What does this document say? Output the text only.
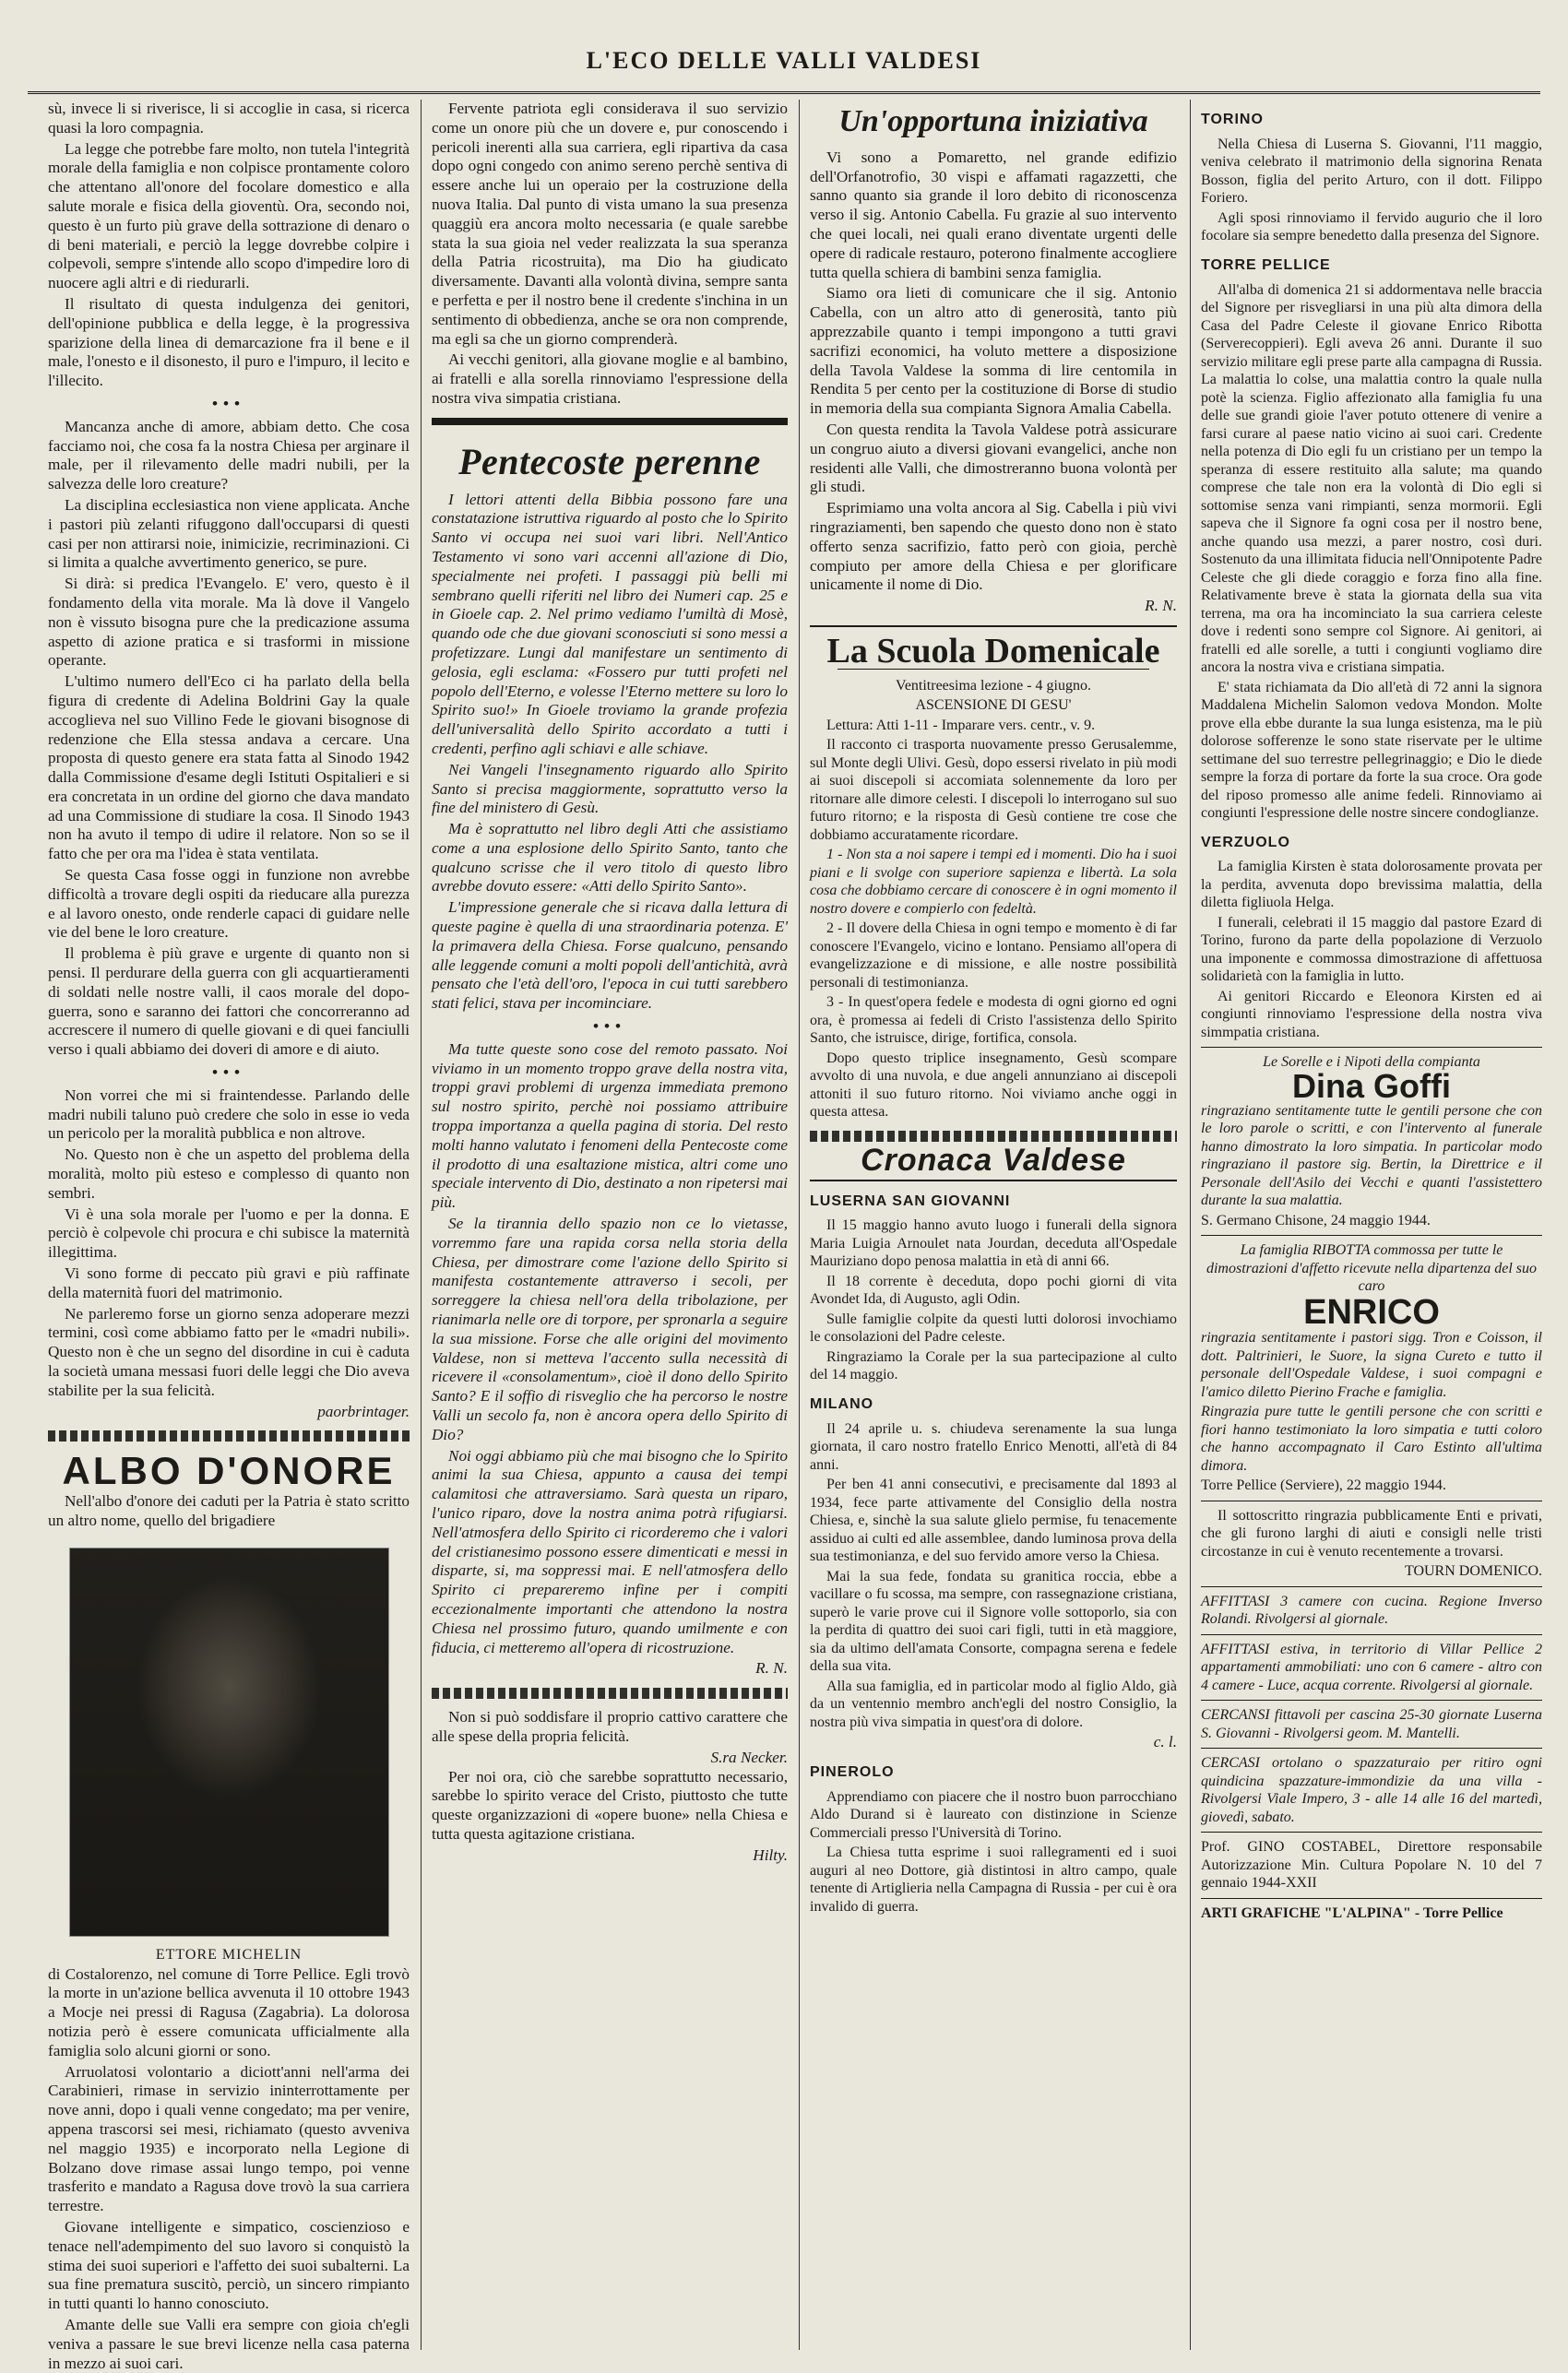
L'ECO DELLE VALLI VALDESI

sù, invece li si riverisce, li si accoglie in casa, si ricerca quasi la loro compagnia.

La legge che potrebbe fare molto, non tutela l'integrità morale della famiglia e non colpisce prontamente coloro che attentano all'onore del focolare domestico e alla salute morale e fisica della gioventù. Ora, secondo noi, questo è un furto più grave della sottrazione di denaro o di beni materiali, e perciò la legge dovrebbe colpire i colpevoli, sempre s'intende allo scopo d'impedire loro di nuocere agli altri e di riedurarli.

Il risultato di questa indulgenza dei genitori, dell'opinione pubblica e della legge, è la progressiva sparizione della linea di demarcazione fra il bene e il male, l'onesto e il disonesto, il puro e l'impuro, il lecito e l'illecito.

•••

Mancanza anche di amore, abbiam detto. Che cosa facciamo noi, che cosa fa la nostra Chiesa per arginare il male, per il rilevamento delle madri nubili, per la salvezza delle loro creature?

La disciplina ecclesiastica non viene applicata. Anche i pastori più zelanti rifuggono dall'occuparsi di questi casi per non attirarsi noie, inimicizie, recriminazioni. Ci si limita a qualche avvertimento generico, se pure.

Si dirà: si predica l'Evangelo. E' vero, questo è il fondamento della vita morale. Ma là dove il Vangelo non è vissuto bisogna pure che la predicazione assuma aspetto di azione pratica e si trasformi in missione operante.

L'ultimo numero dell'Eco ci ha parlato della bella figura di credente di Adelina Boldrini Gay la quale accoglieva nel suo Villino Fede le giovani bisognose di redenzione che Ella stessa andava a cercare. Una proposta di questo genere era stata fatta al Sinodo 1942 dalla Commissione d'esame degli Istituti Ospitalieri e si era concretata in un ordine del giorno che dava mandato ad una Commissione di studiare la cosa. Il Sinodo 1943 non ha avuto il tempo di udire il relatore. Non so se il fatto che per ora ma l'idea è stata ventilata.

Se questa Casa fosse oggi in funzione non avrebbe difficoltà a trovare degli ospiti da rieducare alla purezza e al lavoro onesto, onde renderle capaci di guidare nelle vie del bene le loro creature.

Il problema è più grave e urgente di quanto non si pensi. Il perdurare della guerra con gli acquartieramenti di soldati nelle nostre valli, il caos morale del dopo-guerra, sono e saranno dei fattori che concorreranno ad accrescere il numero di quelle giovani e di quei fanciulli verso i quali abbiamo dei doveri di amore e di aiuto.

•••

Non vorrei che mi si fraintendesse. Parlando delle madri nubili taluno può credere che solo in esse io veda un pericolo per la moralità pubblica e non altrove.

No. Questo non è che un aspetto del problema della moralità, molto più esteso e complesso di quanto non sembri.

Vi è una sola morale per l'uomo e per la donna. E perciò è colpevole chi procura e chi subisce la maternità illegittima.

Vi sono forme di peccato più gravi e più raffinate della maternità fuori del matrimonio.

Ne parleremo forse un giorno senza adoperare mezzi termini, così come abbiamo fatto per le «madri nubili». Questo non è che un segno del disordine in cui è caduta la società umana messasi fuori delle leggi che Dio aveva stabilite per la sua felicità.

paorbrintager.
ALBO D'ONORE

Nell'albo d'onore dei caduti per la Patria è stato scritto un altro nome, quello del brigadiere

ETTORE MICHELIN

di Costalorenzo, nel comune di Torre Pellice. Egli trovò la morte in un'azione bellica avvenuta il 10 ottobre 1943 a Mocje nei pressi di Ragusa (Zagabria). La dolorosa notizia però è essere comunicata ufficialmente alla famiglia solo alcuni giorni or sono.

Arruolatosi volontario a diciott'anni nell'arma dei Carabinieri, rimase in servizio ininterrottamente per nove anni, dopo i quali venne congedato; ma per venire, appena trascorsi sei mesi, richiamato (questo avveniva nel maggio 1935) e incorporato nella Legione di Bolzano dove rimase assai lungo tempo, poi venne trasferito e mandato a Ragusa dove trovò la sua carriera terrestre.

Giovane intelligente e simpatico, coscienzioso e tenace nell'adempimento del suo lavoro si conquistò la stima dei suoi superiori e l'affetto dei suoi subalterni. La sua fine prematura suscitò, perciò, un sincero rimpianto in tutti quanti lo hanno conosciuto.

Amante delle sue Valli era sempre con gioia ch'egli veniva a passare le sue brevi licenze nella casa paterna in mezzo ai suoi cari.

Fervente patriota egli considerava il suo servizio come un onore più che un dovere e, pur conoscendo i pericoli inerenti alla sua carriera, egli ripartiva da casa dopo ogni congedo con animo sereno perchè sentiva di essere anche lui un operaio per la costruzione della nuova Italia. Dal punto di vista umano la sua presenza quaggiù era ancora molto necessaria (e quale sarebbe stata la sua gioia nel veder realizzata la sua speranza della Patria ricostruita), ma Dio ha giudicato diversamente. Davanti alla volontà divina, sempre santa e perfetta e per il nostro bene il credente s'inchina in un sentimento di obbedienza, anche se ora non comprende, ma egli sa che un giorno comprenderà.

Ai vecchi genitori, alla giovane moglie e al bambino, ai fratelli e alla sorella rinnoviamo l'espressione della nostra viva simpatia cristiana.

Pentecoste perenne

I lettori attenti della Bibbia possono fare una constatazione istruttiva riguardo al posto che lo Spirito Santo vi occupa nei suoi vari libri. Nell'Antico Testamento vi sono vari accenni all'azione di Dio, specialmente nei profeti. I passaggi più belli mi sembrano quelli riferiti nel libro dei Numeri cap. 25 e in Gioele cap. 2. Nel primo vediamo l'umiltà di Mosè, quando ode che due giovani sconosciuti si sono messi a profetizzare. Lungi dal manifestare un sentimento di gelosia, egli esclama: «Fossero pur tutti profeti nel popolo dell'Eterno, e volesse l'Eterno mettere su loro lo Spirito suo!» In Gioele troviamo la grande profezia dell'universalità dello Spirito accordato a tutti i credenti, perfino agli schiavi e alle schiave.

Nei Vangeli l'insegnamento riguardo allo Spirito Santo si precisa maggiormente, soprattutto verso la fine del ministero di Gesù.

Ma è soprattutto nel libro degli Atti che assistiamo come a una esplosione dello Spirito Santo, tanto che qualcuno scrisse che il vero titolo di questo libro avrebbe dovuto essere: «Atti dello Spirito Santo».

L'impressione generale che si ricava dalla lettura di queste pagine è quella di una straordinaria potenza. E' la primavera della Chiesa. Forse qualcuno, pensando alle leggende comuni a molti popoli dell'antichità, avrà pensato che l'età dell'oro, l'epoca in cui tutti sarebbero stati felici, stava per incominciare.

•••

Ma tutte queste sono cose del remoto passato. Noi viviamo in un momento troppo grave della nostra vita, troppi gravi problemi di urgenza immediata premono sul nostro spirito, perchè noi possiamo attribuire troppa importanza a quella pagina di storia. Del resto molti hanno valutato i fenomeni della Pentecoste come il prodotto di una esaltazione mistica, altri come uno speciale intervento di Dio, destinato a non ripetersi mai più.

Se la tirannia dello spazio non ce lo vietasse, vorremmo fare una rapida corsa nella storia della Chiesa, per dimostrare come l'azione dello Spirito si manifesta costantemente attraverso i secoli, per sorreggere la chiesa nell'ora della tribolazione, per rianimarla nelle ore di torpore, per spronarla a seguire la sua missione. Forse che alle origini del movimento Valdese, non si metteva l'accento sulla necessità di ricevere il «consolamentum», cioè il dono dello Spirito Santo? E il soffio di risveglio che ha percorso le nostre Valli un secolo fa, non è ancora opera dello Spirito di Dio?

Noi oggi abbiamo più che mai bisogno che lo Spirito animi la sua Chiesa, appunto a causa dei tempi calamitosi che attraversiamo. Sarà questa un riparo, l'unico riparo, dove la nostra anima potrà rifugiarsi. Nell'atmosfera dello Spirito ci ricorderemo che i valori del cristianesimo possono essere dimenticati e messi in disparte, si, ma soppressi mai. E nell'atmosfera dello Spirito ci prepareremo infine per i compiti eccezionalmente importanti che attendono la nostra Chiesa nel prossimo futuro, quando umilmente e con fiducia, ci metteremo all'opera di ricostruzione.

R. N.

Non si può soddisfare il proprio cattivo carattere che alle spese della propria felicità.

S.ra Necker.

Per noi ora, ciò che sarebbe soprattutto necessario, sarebbe lo spirito verace del Cristo, piuttosto che tutte queste organizzazioni di «opere buone» nella Chiesa e tutta questa agitazione cristiana.

Hilty.
Un'opportuna iniziativa

Vi sono a Pomaretto, nel grande edifizio dell'Orfanotrofio, 30 vispi e affamati ragazzetti, che sanno quanto sia grande il loro debito di riconoscenza verso il sig. Antonio Cabella. Fu grazie al suo intervento che quei locali, nei quali erano diventate urgenti delle opere di radicale restauro, poterono finalmente accogliere tutta quella schiera di bambini senza famiglia.

Siamo ora lieti di comunicare che il sig. Antonio Cabella, con un altro atto di generosità, tanto più apprezzabile quanto i tempi impongono a tutti gravi sacrifizi economici, ha voluto mettere a disposizione della Tavola Valdese la somma di lire centomila in Rendita 5 per cento per la costituzione di Borse di studio in memoria della sua compianta Signora Amalia Cabella.

Con questa rendita la Tavola Valdese potrà assicurare un congruo aiuto a diversi giovani evangelici, anche non residenti alle Valli, che dimostreranno buona volontà per gli studi.

Esprimiamo una volta ancora al Sig. Cabella i più vivi ringraziamenti, ben sapendo che questo dono non è stato offerto senza sacrifizio, fatto però con gioia, perchè compiuto per amore della Chiesa e per glorificare unicamente il nome di Dio.

R. N.
La Scuola Domenicale

Ventitreesima lezione - 4 giugno.

ASCENSIONE DI GESU'

Lettura: Atti 1-11 - Imparare vers. centr., v. 9.

Il racconto ci trasporta nuovamente presso Gerusalemme, sul Monte degli Ulivi. Gesù, dopo essersi rivelato in più modi ai suoi discepoli si accomiata solennemente da loro per ritornare alle dimore celesti. I discepoli lo interrogano sul suo futuro ritorno; e la risposta di Gesù contiene tre cose che dobbiamo accuratamente ricordare.

1 - Non sta a noi sapere i tempi ed i momenti. Dio ha i suoi piani e li svolge con superiore sapienza e libertà. La sola cosa che dobbiamo cercare di conoscere è in ogni momento il nostro dovere e compierlo con fedeltà.

2 - Il dovere della Chiesa in ogni tempo e momento è di far conoscere l'Evangelo, vicino e lontano. Pensiamo all'opera di evangelizzazione e di missione, e alle nostre possibilità personali di testimonianza.

3 - In quest'opera fedele e modesta di ogni giorno ed ogni ora, è promessa ai fedeli di Cristo l'assistenza dello Spirito Santo, che istruisce, dirige, fortifica, consola.

Dopo questo triplice insegnamento, Gesù scompare avvolto di una nuvola, e due angeli annunziano ai discepoli attoniti il suo futuro ritorno. Noi viviamo anche oggi in questa attesa.

Cronaca Valdese
LUSERNA SAN GIOVANNI

Il 15 maggio hanno avuto luogo i funerali della signora Maria Luigia Arnoulet nata Jourdan, deceduta all'Ospedale Mauriziano dopo penosa malattia in età di anni 66.

Il 18 corrente è deceduta, dopo pochi giorni di vita Avondet Ida, di Augusto, agli Odin.

Sulle famiglie colpite da questi lutti dolorosi invochiamo le consolazioni del Padre celeste.

Ringraziamo la Corale per la sua partecipazione al culto del 14 maggio.

MILANO

Il 24 aprile u. s. chiudeva serenamente la sua lunga giornata, il caro nostro fratello Enrico Menotti, all'età di 84 anni.

Per ben 41 anni consecutivi, e precisamente dal 1893 al 1934, fece parte attivamente del Consiglio della nostra Chiesa, e, sinchè la sua salute glielo permise, fu tenacemente assiduo ai culti ed alle assemblee, dando luminosa prova della sua testimonianza, e del suo fervido amore verso la Chiesa.

Mai la sua fede, fondata su granitica roccia, ebbe a vacillare o fu scossa, ma sempre, con rassegnazione cristiana, superò le varie prove cui il Signore volle sottoporlo, sia con la perdita di quattro dei suoi cari figli, tutti in età maggiore, sia da ultimo dell'amata Consorte, compagna serena e fedele della sua vita.

Alla sua famiglia, ed in particolar modo al figlio Aldo, già da un ventennio membro anch'egli del nostro Consiglio, la nostra più viva simpatia in quest'ora di dolore.

c. l.
PINEROLO

Apprendiamo con piacere che il nostro buon parrocchiano Aldo Durand si è laureato con distinzione in Scienze Commerciali presso l'Università di Torino.

La Chiesa tutta esprime i suoi rallegramenti ed i suoi auguri al neo Dottore, già distintosi in altro campo, quale tenente di Artiglieria nella Campagna di Russia - per cui è ora invalido di guerra.

TORINO

Nella Chiesa di Luserna S. Giovanni, l'11 maggio, veniva celebrato il matrimonio della signorina Renata Bosson, figlia del perito Arturo, con il dott. Filippo Foriero.

Agli sposi rinnoviamo il fervido augurio che il loro focolare sia sempre benedetto dalla presenza del Signore.

TORRE PELLICE

All'alba di domenica 21 si addormentava nelle braccia del Signore per risvegliarsi in una più alta dimora della Casa del Padre Celeste il giovane Enrico Ribotta (Serverecoppieri). Egli aveva 26 anni. Durante il suo servizio militare egli prese parte alla campagna di Russia. La malattia lo colse, una malattia contro la quale nulla potè la scienza. Figlio affezionato alla famiglia fu una delle sue grandi gioie l'aver potuto ottenere di venire a farsi curare al paese natio vicino ai suoi cari. Credente nella potenza di Dio egli fu un cristiano per un tempo la speranza di essere restituito alla salute; ma quando comprese che tale non era la volontà di Dio egli si sottomise senza vani rimpianti, senza mormorii. Egli sapeva che il Signore fa ogni cosa per il nostro bene, anche quando usa mezzi, a parer nostro, così duri. Sostenuto da una illimitata fiducia nell'Onnipotente Padre Celeste che gli diede coraggio e forza fino alla fine. Relativamente breve è stata la giornata della sua vita terrena, ma ora ha incominciato la sua carriera celeste dove i redenti sono sempre col Signore. Ai genitori, ai fratelli ed alle sorelle, a tutti i congiunti vogliamo dire ancora la nostra viva e cristiana simpatia.

E' stata richiamata da Dio all'età di 72 anni la signora Maddalena Michelin Salomon vedova Mondon. Molte prove ella ebbe durante la sua lunga esistenza, ma le più dolorose sofferenze le sono state riservate per le ultime settimane del suo terrestre pellegrinaggio; e Dio le diede sempre la forza di portare da forte la sua croce. Ora gode del riposo promesso alle anime fedeli. Rinnoviamo ai congiunti l'espressione delle nostre sincere condoglianze.

VERZUOLO

La famiglia Kirsten è stata dolorosamente provata per la perdita, avvenuta dopo brevissima malattia, della diletta figliuola Helga.

I funerali, celebrati il 15 maggio dal pastore Ezard di Torino, furono da parte della popolazione di Verzuolo una imponente e commossa dimostrazione di affettuosa solidarietà con la famiglia in lutto.

Ai genitori Riccardo e Eleonora Kirsten ed ai congiunti rinnoviamo l'espressione della nostra viva simmpatia cristiana.

Le Sorelle e i Nipoti della compianta

Dina Goffi

ringraziano sentitamente tutte le gentili persone che con le loro parole o scritti, e con l'intervento al funerale hanno dimostrato la loro simpatia. In particolar modo ringraziano il pastore sig. Bertin, la Direttrice e il Personale dell'Asilo dei Vecchi e quanti l'assistettero durante la sua malattia.

S. Germano Chisone, 24 maggio 1944.

La famiglia RIBOTTA commossa per tutte le dimostrazioni d'affetto ricevute nella dipartenza del suo caro

ENRICO

ringrazia sentitamente i pastori sigg. Tron e Coisson, il dott. Paltrinieri, le Suore, la signa Cureto e tutto il personale dell'Ospedale Valdese, i suoi compagni e l'amico diletto Pierino Frache e famiglia.

Ringrazia pure tutte le gentili persone che con scritti e fiori hanno testimoniato la loro simpatia e tutti coloro che hanno accompagnato il Caro Estinto all'ultima dimora.

Torre Pellice (Serviere), 22 maggio 1944.

Il sottoscritto ringrazia pubblicamente Enti e privati, che gli furono larghi di aiuti e consigli nelle tristi circostanze in cui è venuto recentemente a trovarsi.

TOURN DOMENICO.

AFFITTASI 3 camere con cucina. Regione Inverso Rolandi. Rivolgersi al giornale.

AFFITTASI estiva, in territorio di Villar Pellice 2 appartamenti ammobiliati: uno con 6 camere - altro con 4 camere - Luce, acqua corrente. Rivolgersi al giornale.

CERCANSI fittavoli per cascina 25-30 giornate Luserna S. Giovanni - Rivolgersi geom. M. Mantelli.

CERCASI ortolano o spazzaturaio per ritiro ogni quindicina spazzature-immondizie da una villa - Rivolgersi Viale Impero, 3 - alle 14 alle 16 del martedì, giovedì, sabato.

Prof. GINO COSTABEL, Direttore responsabile Autorizzazione Min. Cultura Popolare N. 10 del 7 gennaio 1944-XXII

ARTI GRAFICHE "L'ALPINA" - Torre Pellice
